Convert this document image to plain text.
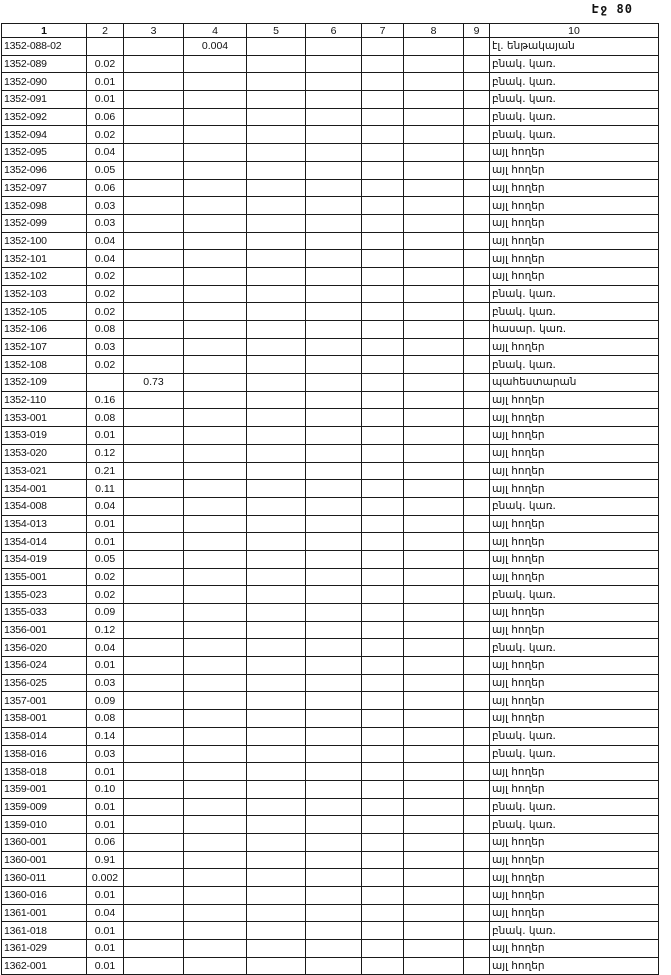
Էջ 80
1	2	3	4	5	6	7	8	9	10
1352-088-02			0.004						էլ. ենթակայան
1352-089	0.02								բնակ. կառ.
1352-090	0.01								բնակ. կառ.
1352-091	0.01								բնակ. կառ.
1352-092	0.06								բնակ. կառ.
1352-094	0.02								բնակ. կառ.
1352-095	0.04								այլ հողեր
1352-096	0.05								այլ հողեր
1352-097	0.06								այլ հողեր
1352-098	0.03								այլ հողեր
1352-099	0.03								այլ հողեր
1352-100	0.04								այլ հողեր
1352-101	0.04								այլ հողեր
1352-102	0.02								այլ հողեր
1352-103	0.02								բնակ. կառ.
1352-105	0.02								բնակ. կառ.
1352-106	0.08								հասար. կառ.
1352-107	0.03								այլ հողեր
1352-108	0.02								բնակ. կառ.
1352-109		0.73							պահեստարան
1352-110	0.16								այլ հողեր
1353-001	0.08								այլ հողեր
1353-019	0.01								այլ հողեր
1353-020	0.12								այլ հողեր
1353-021	0.21								այլ հողեր
1354-001	0.11								այլ հողեր
1354-008	0.04								բնակ. կառ.
1354-013	0.01								այլ հողեր
1354-014	0.01								այլ հողեր
1354-019	0.05								այլ հողեր
1355-001	0.02								այլ հողեր
1355-023	0.02								բնակ. կառ.
1355-033	0.09								այլ հողեր
1356-001	0.12								այլ հողեր
1356-020	0.04								բնակ. կառ.
1356-024	0.01								այլ հողեր
1356-025	0.03								այլ հողեր
1357-001	0.09								այլ հողեր
1358-001	0.08								այլ հողեր
1358-014	0.14								բնակ. կառ.
1358-016	0.03								բնակ. կառ.
1358-018	0.01								այլ հողեր
1359-001	0.10								այլ հողեր
1359-009	0.01								բնակ. կառ.
1359-010	0.01								բնակ. կառ.
1360-001	0.06								այլ հողեր
1360-001	0.91								այլ հողեր
1360-011	0.002								այլ հողեր
1360-016	0.01								այլ հողեր
1361-001	0.04								այլ հողեր
1361-018	0.01								բնակ. կառ.
1361-029	0.01								այլ հողեր
1362-001	0.01								այլ հողեր
